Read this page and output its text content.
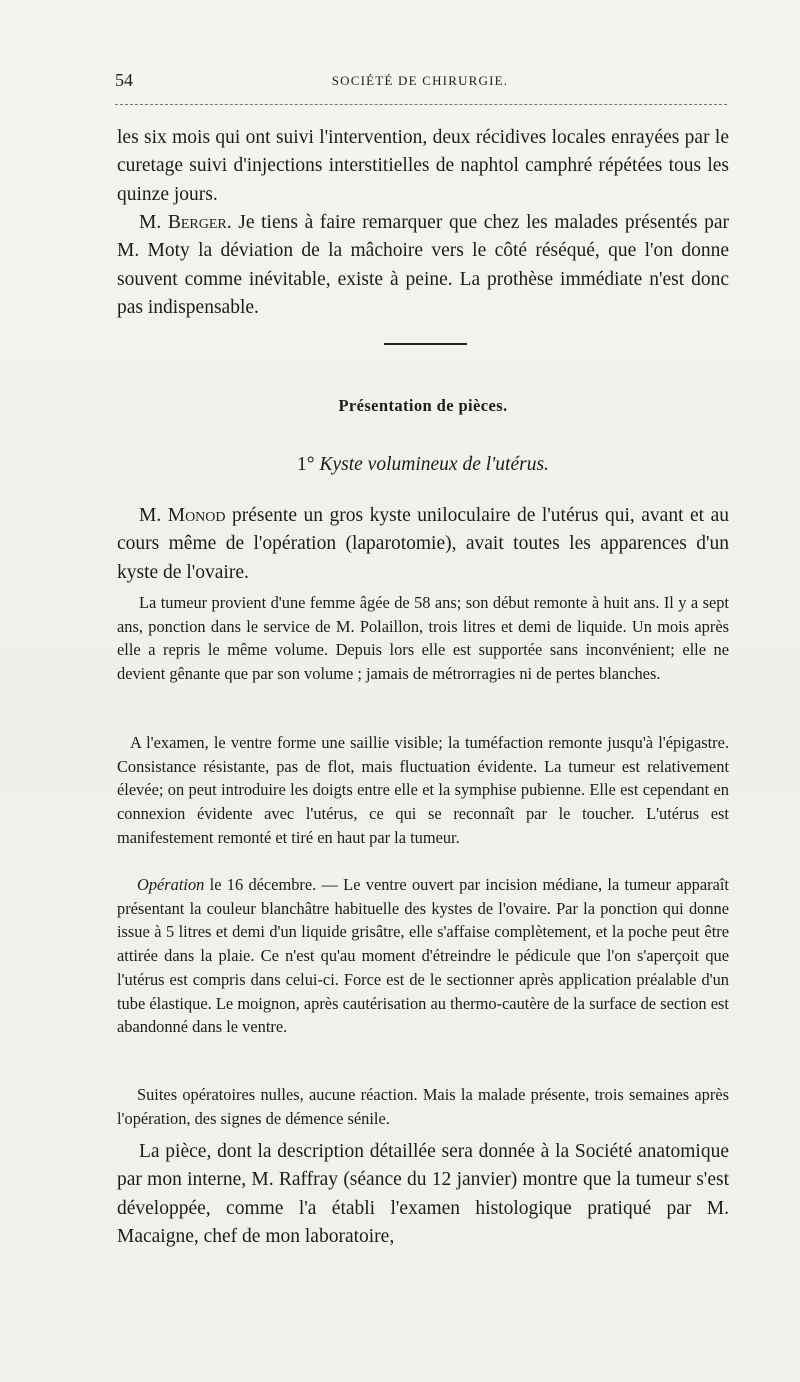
54	SOCIÉTÉ DE CHIRURGIE.

les six mois qui ont suivi l'intervention, deux récidives locales enrayées par le curetage suivi d'injections interstitielles de naphtol camphré répétées tous les quinze jours.

M. Berger. Je tiens à faire remarquer que chez les malades présentés par M. Moty la déviation de la mâchoire vers le côté réséqué, que l'on donne souvent comme inévitable, existe à peine. La prothèse immédiate n'est donc pas indispensable.

Présentation de pièces.
1° Kyste volumineux de l'utérus.

M. Monod présente un gros kyste uniloculaire de l'utérus qui, avant et au cours même de l'opération (laparotomie), avait toutes les apparences d'un kyste de l'ovaire.

La tumeur provient d'une femme âgée de 58 ans; son début remonte à huit ans. Il y a sept ans, ponction dans le service de M. Polaillon, trois litres et demi de liquide. Un mois après elle a repris le même volume. Depuis lors elle est supportée sans inconvénient; elle ne devient gênante que par son volume ; jamais de métrorragies ni de pertes blanches.

A l'examen, le ventre forme une saillie visible; la tuméfaction remonte jusqu'à l'épigastre. Consistance résistante, pas de flot, mais fluctuation évidente. La tumeur est relativement élevée; on peut introduire les doigts entre elle et la symphise pubienne. Elle est cependant en connexion évidente avec l'utérus, ce qui se reconnaît par le toucher. L'utérus est manifestement remonté et tiré en haut par la tumeur.

Opération le 16 décembre. — Le ventre ouvert par incision médiane, la tumeur apparaît présentant la couleur blanchâtre habituelle des kystes de l'ovaire. Par la ponction qui donne issue à 5 litres et demi d'un liquide grisâtre, elle s'affaise complètement, et la poche peut être attirée dans la plaie. Ce n'est qu'au moment d'étreindre le pédicule que l'on s'aperçoit que l'utérus est compris dans celui-ci. Force est de le sectionner après application préalable d'un tube élastique. Le moignon, après cautérisation au thermo-cautère de la surface de section est abandonné dans le ventre.

Suites opératoires nulles, aucune réaction. Mais la malade présente, trois semaines après l'opération, des signes de démence sénile.

La pièce, dont la description détaillée sera donnée à la Société anatomique par mon interne, M. Raffray (séance du 12 janvier) montre que la tumeur s'est développée, comme l'a établi l'examen histologique pratiqué par M. Macaigne, chef de mon laboratoire,
